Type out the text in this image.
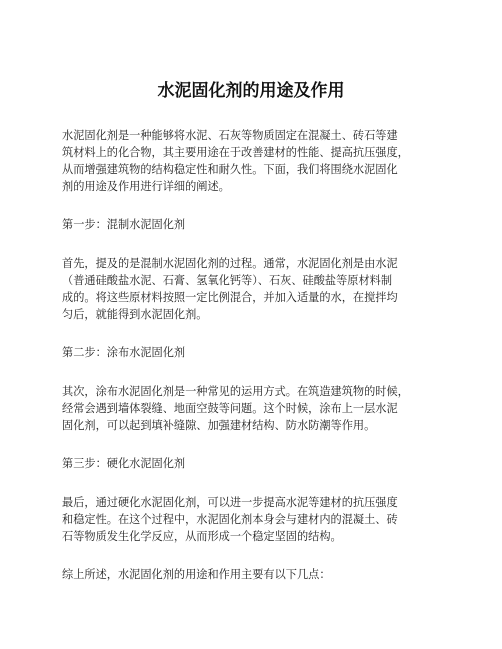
水泥固化剂的用途及作用

水泥固化剂是一种能够将水泥、石灰等物质固定在混凝土、砖石等建

筑材料上的化合物，其主要用途在于改善建材的性能、提高抗压强度，

从而增强建筑物的结构稳定性和耐久性。下面，我们将围绕水泥固化

剂的用途及作用进行详细的阐述。

第一步：混制水泥固化剂

首先，提及的是混制水泥固化剂的过程。通常，水泥固化剂是由水泥

（普通硅酸盐水泥、石膏、氢氧化钙等）、石灰、硅酸盐等原材料制

成的。将这些原材料按照一定比例混合，并加入适量的水，在搅拌均

匀后，就能得到水泥固化剂。

第二步：涂布水泥固化剂

其次，涂布水泥固化剂是一种常见的运用方式。在筑造建筑物的时候，

经常会遇到墙体裂缝、地面空鼓等问题。这个时候，涂布上一层水泥

固化剂，可以起到填补缝隙、加强建材结构、防水防潮等作用。

第三步：硬化水泥固化剂

最后，通过硬化水泥固化剂，可以进一步提高水泥等建材的抗压强度

和稳定性。在这个过程中，水泥固化剂本身会与建材内的混凝土、砖

石等物质发生化学反应，从而形成一个稳定坚固的结构。

综上所述，水泥固化剂的用途和作用主要有以下几点：
